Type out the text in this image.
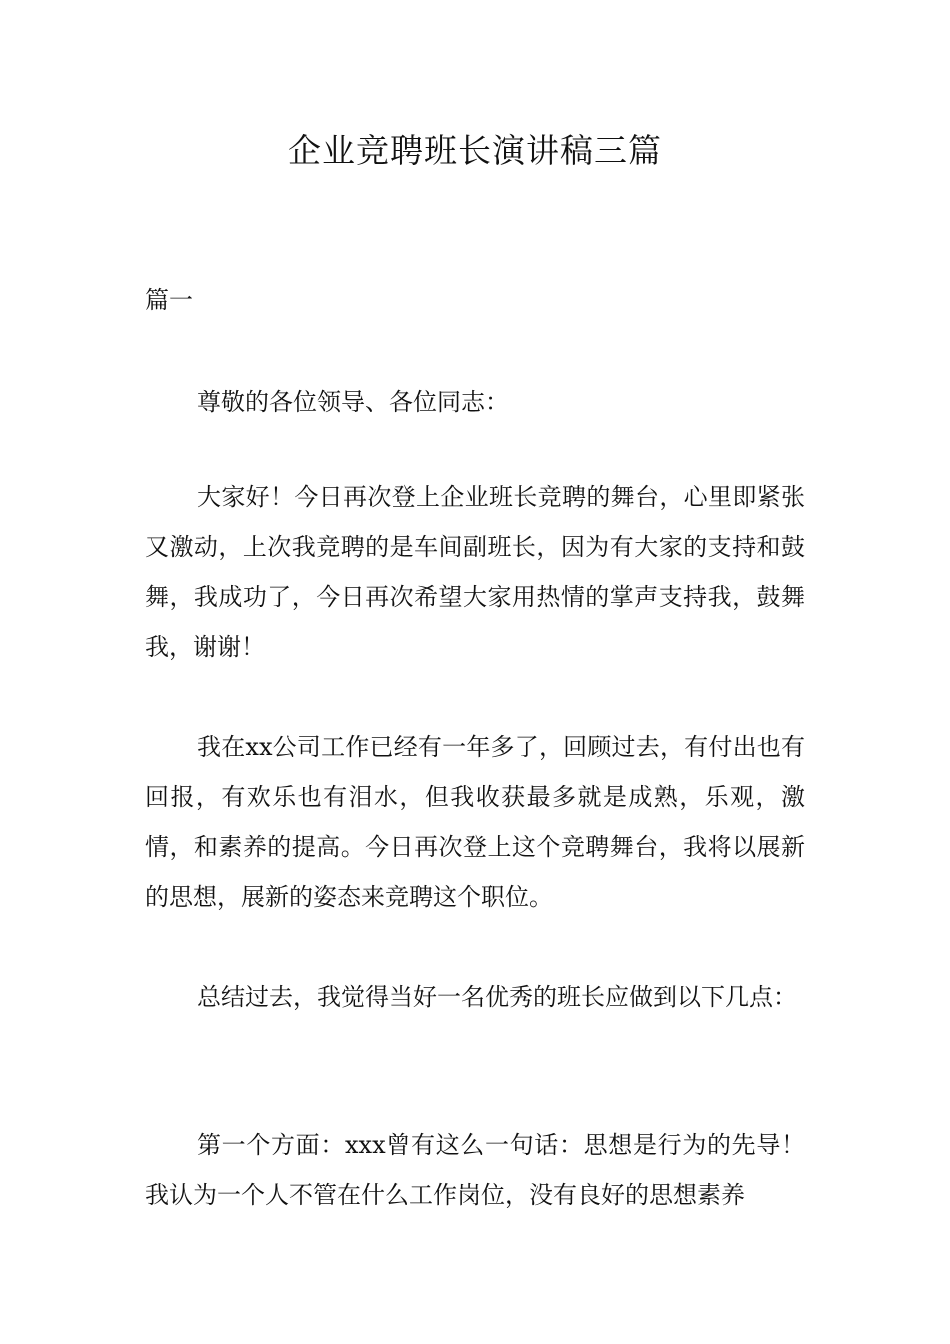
企业竞聘班长演讲稿三篇

篇一

尊敬的各位领导、各位同志：

大家好！今日再次登上企业班长竞聘的舞台，心里即紧张又激动，上次我竞聘的是车间副班长，因为有大家的支持和鼓舞，我成功了，今日再次希望大家用热情的掌声支持我，鼓舞我，谢谢！

我在xx公司工作已经有一年多了，回顾过去，有付出也有回报，有欢乐也有泪水，但我收获最多就是成熟，乐观，激情，和素养的提高。今日再次登上这个竞聘舞台，我将以展新的思想，展新的姿态来竞聘这个职位。

总结过去，我觉得当好一名优秀的班长应做到以下几点：

第一个方面：xxx曾有这么一句话：思想是行为的先导！我认为一个人不管在什么工作岗位，没有良好的思想素养
